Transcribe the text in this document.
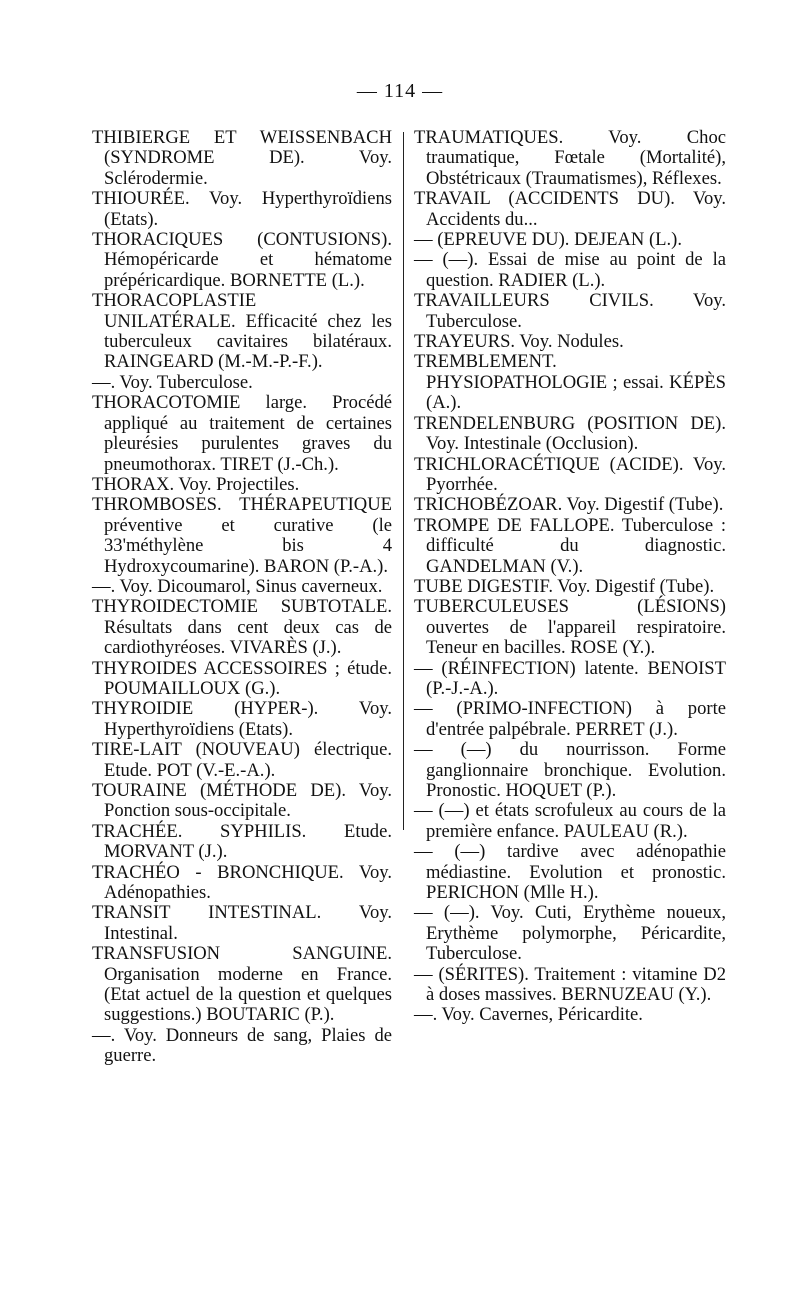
— 114 —

THIBIERGE ET WEISSENBACH (SYNDROME DE). Voy. Sclérodermie.

THIOURÉE. Voy. Hyperthyroïdiens (Etats).

THORACIQUES (CONTUSIONS). Hémopéricarde et hématome prépéricardique. BORNETTE (L.).

THORACOPLASTIE UNILATÉRALE. Efficacité chez les tuberculeux cavitaires bilatéraux. RAINGEARD (M.-M.-P.-F.).

—. Voy. Tuberculose.

THORACOTOMIE large. Procédé appliqué au traitement de certaines pleurésies purulentes graves du pneumothorax. TIRET (J.-Ch.).

THORAX. Voy. Projectiles.

THROMBOSES. THÉRAPEUTIQUE préventive et curative (le 33'méthylène bis 4 Hydroxycoumarine). BARON (P.-A.).

—. Voy. Dicoumarol, Sinus caverneux.

THYROIDECTOMIE SUBTOTALE. Résultats dans cent deux cas de cardiothyréoses. VIVARÈS (J.).

THYROIDES ACCESSOIRES ; étude. POUMAILLOUX (G.).

THYROIDIE (HYPER-). Voy. Hyperthyroïdiens (Etats).

TIRE-LAIT (NOUVEAU) électrique. Etude. POT (V.-E.-A.).

TOURAINE (MÉTHODE DE). Voy. Ponction sous-occipitale.

TRACHÉE. SYPHILIS. Etude. MORVANT (J.).

TRACHÉO - BRONCHIQUE. Voy. Adénopathies.

TRANSIT INTESTINAL. Voy. Intestinal.

TRANSFUSION SANGUINE. Organisation moderne en France. (Etat actuel de la question et quelques suggestions.) BOUTARIC (P.).

—. Voy. Donneurs de sang, Plaies de guerre.

TRAUMATIQUES. Voy. Choc traumatique, Fœtale (Mortalité), Obstétricaux (Traumatismes), Réflexes.

TRAVAIL (ACCIDENTS DU). Voy. Accidents du...

— (EPREUVE DU). DEJEAN (L.).

— (—). Essai de mise au point de la question. RADIER (L.).

TRAVAILLEURS CIVILS. Voy. Tuberculose.

TRAYEURS. Voy. Nodules.

TREMBLEMENT. PHYSIOPATHOLOGIE ; essai. KÉPÈS (A.).

TRENDELENBURG (POSITION DE). Voy. Intestinale (Occlusion).

TRICHLORACÉTIQUE (ACIDE). Voy. Pyorrhée.

TRICHOBÉZOAR. Voy. Digestif (Tube).

TROMPE DE FALLOPE. Tuberculose : difficulté du diagnostic. GANDELMAN (V.).

TUBE DIGESTIF. Voy. Digestif (Tube).

TUBERCULEUSES (LÉSIONS) ouvertes de l'appareil respiratoire. Teneur en bacilles. ROSE (Y.).

— (RÉINFECTION) latente. BENOIST (P.-J.-A.).

— (PRIMO-INFECTION) à porte d'entrée palpébrale. PERRET (J.).

— (—) du nourrisson. Forme ganglionnaire bronchique. Evolution. Pronostic. HOQUET (P.).

— (—) et états scrofuleux au cours de la première enfance. PAULEAU (R.).

— (—) tardive avec adénopathie médiastine. Evolution et pronostic. PERICHON (Mlle H.).

— (—). Voy. Cuti, Erythème noueux, Erythème polymorphe, Péricardite, Tuberculose.

— (SÉRITES). Traitement : vitamine D2 à doses massives. BERNUZEAU (Y.).

—. Voy. Cavernes, Péricardite.
